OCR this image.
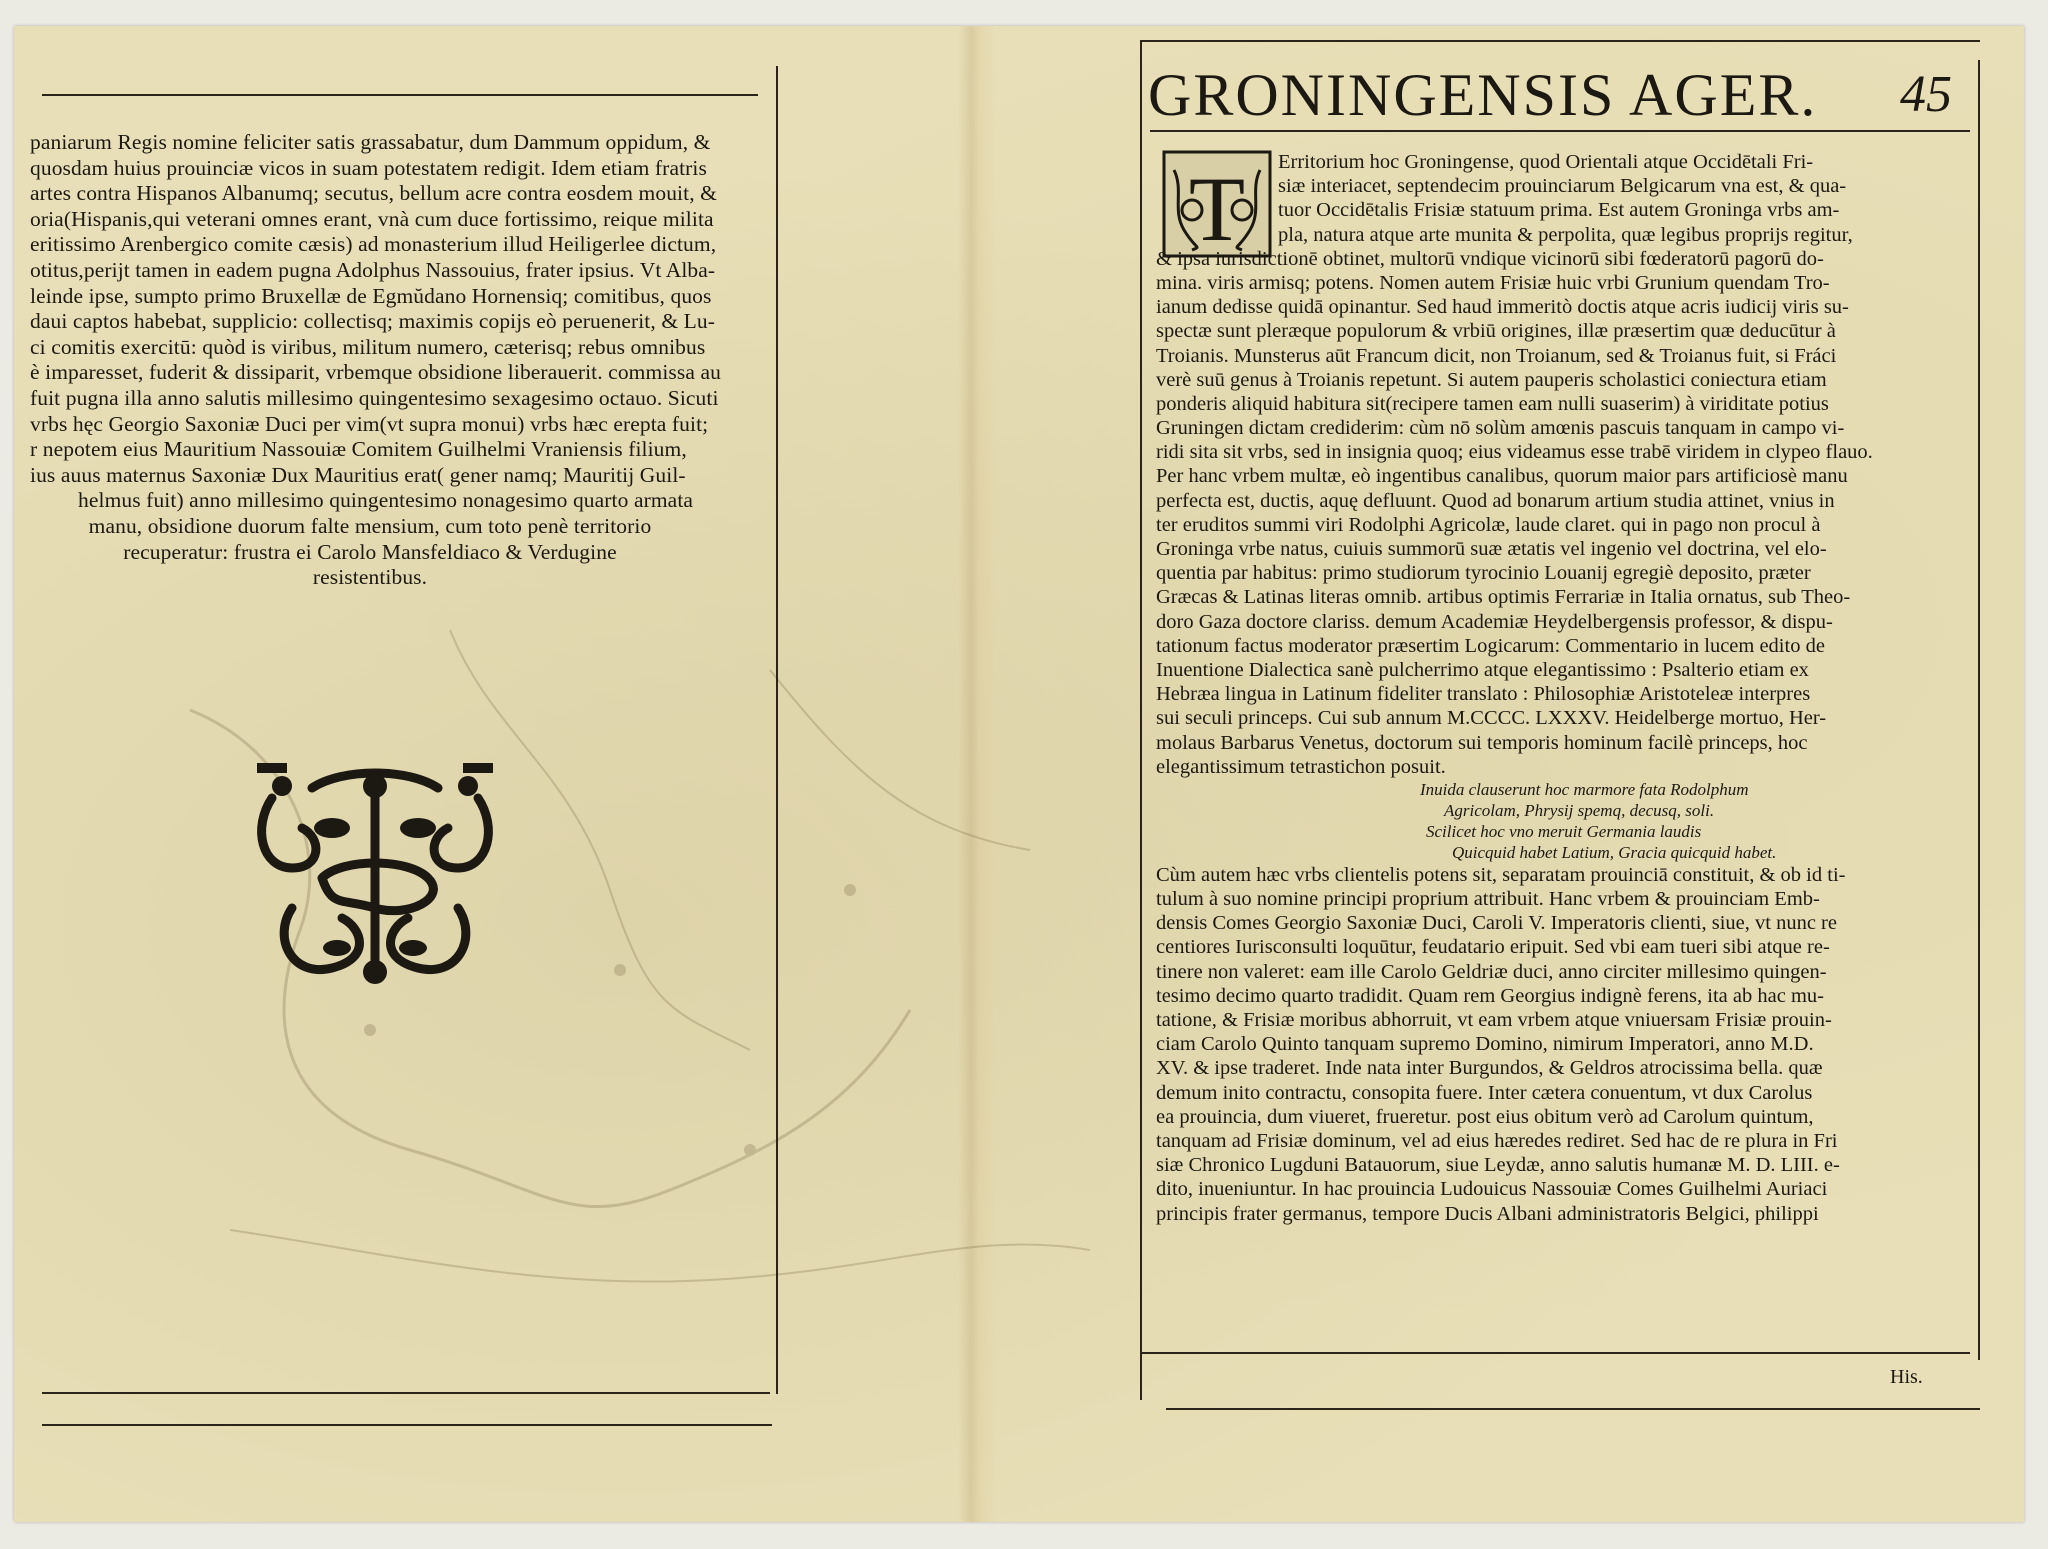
paniarum Regis nomine feliciter satis grassabatur, dum Dammum oppidum, &
quosdam huius prouinciæ vicos in suam potestatem redigit. Idem etiam fratris
artes contra Hispanos Albanumq; secutus, bellum acre contra eosdem mouit, &
oria(Hispanis,qui veterani omnes erant, vnà cum duce fortissimo, reique milita
eritissimo Arenbergico comite cæsis) ad monasterium illud Heiligerlee dictum,
otitus,perijt tamen in eadem pugna Adolphus Nassouius, frater ipsius. Vt Alba-
leinde ipse, sumpto primo Bruxellæ de Egmŭdano Hornensiq; comitibus, quos
daui captos habebat, supplicio: collectisq; maximis copijs eò peruenerit, & Lu-
ci comitis exercitū: quòd is viribus, militum numero, cæterisq; rebus omnibus
è imparesset, fuderit & dissiparit, vrbemque obsidione liberauerit. commissa au
fuit pugna illa anno salutis millesimo quingentesimo sexagesimo octauo. Sicuti
vrbs hęc Georgio Saxoniæ Duci per vim(vt supra monui) vrbs hæc erepta fuit;
r nepotem eius Mauritium Nassouiæ Comitem Guilhelmi Vraniensis filium,
ius auus maternus Saxoniæ Dux Mauritius erat( gener namq; Mauritij Guil-
helmus fuit) anno millesimo quingentesimo nonagesimo quarto armata
manu, obsidione duorum falte mensium, cum toto penè territorio
recuperatur: frustra ei Carolo Mansfeldiaco & Verdugine
resistentibus.
GRONINGENSIS AGER. 45
T	Erritorium hoc Groningense, quod Orientali atque Occidētali Fri-
siæ interiacet, septendecim prouinciarum Belgicarum vna est, & qua-
tuor Occidētalis Frisiæ statuum prima. Est autem Groninga vrbs am-
pla, natura atque arte munita & perpolita, quæ legibus proprijs regitur,
& ipsa iurisdictionē obtinet, multorū vndique vicinorū sibi fœderatorū pagorū do-
mina. viris armisq; potens. Nomen autem Frisiæ huic vrbi Grunium quendam Tro-
ianum dedisse quidā opinantur. Sed haud immeritò doctis atque acris iudicij viris su-
spectæ sunt pleræque populorum & vrbiū origines, illæ præsertim quæ deducūtur à
Troianis. Munsterus aūt Francum dicit, non Troianum, sed & Troianus fuit, si Fráci
verè suū genus à Troianis repetunt. Si autem pauperis scholastici coniectura etiam
ponderis aliquid habitura sit(recipere tamen eam nulli suaserim) à viriditate potius
Gruningen dictam crediderim: cùm nō solùm amœnis pascuis tanquam in campo vi-
ridi sita sit vrbs, sed in insignia quoq; eius videamus esse trabē viridem in clypeo flauo.
Per hanc vrbem multæ, eò ingentibus canalibus, quorum maior pars artificiosè manu
perfecta est, ductis, aquę defluunt. Quod ad bonarum artium studia attinet, vnius in
ter eruditos summi viri Rodolphi Agricolæ, laude claret. qui in pago non procul à
Groninga vrbe natus, cuiuis summorū suæ ætatis vel ingenio vel doctrina, vel elo-
quentia par habitus: primo studiorum tyrocinio Louanij egregiè deposito, præter
Græcas & Latinas literas omnib. artibus optimis Ferrariæ in Italia ornatus, sub Theo-
doro Gaza doctore clariss. demum Academiæ Heydelbergensis professor, & dispu-
tationum factus moderator præsertim Logicarum: Commentario in lucem edito de
Inuentione Dialectica sanè pulcherrimo atque elegantissimo : Psalterio etiam ex
Hebræa lingua in Latinum fideliter translato : Philosophiæ Aristoteleæ interpres
sui seculi princeps. Cui sub annum M.CCCC. LXXXV. Heidelberge mortuo, Her-
molaus Barbarus Venetus, doctorum sui temporis hominum facilè princeps, hoc
elegantissimum tetrastichon posuit.
Inuida clauserunt hoc marmore fata Rodolphum
Agricolam, Phrysij spemq, decusq, soli.
Scilicet hoc vno meruit Germania laudis
Quicquid habet Latium, Gracia quicquid habet.
Cùm autem hæc vrbs clientelis potens sit, separatam prouinciā constituit, & ob id ti-
tulum à suo nomine principi proprium attribuit. Hanc vrbem & prouinciam Emb-
densis Comes Georgio Saxoniæ Duci, Caroli V. Imperatoris clienti, siue, vt nunc re
centiores Iurisconsulti loquūtur, feudatario eripuit. Sed vbi eam tueri sibi atque re-
tinere non valeret: eam ille Carolo Geldriæ duci, anno circiter millesimo quingen-
tesimo decimo quarto tradidit. Quam rem Georgius indignè ferens, ita ab hac mu-
tatione, & Frisiæ moribus abhorruit, vt eam vrbem atque vniuersam Frisiæ prouin-
ciam Carolo Quinto tanquam supremo Domino, nimirum Imperatori, anno M.D.
XV. & ipse traderet. Inde nata inter Burgundos, & Geldros atrocissima bella. quæ
demum inito contractu, consopita fuere. Inter cætera conuentum, vt dux Carolus
ea prouincia, dum viueret, frueretur. post eius obitum verò ad Carolum quintum,
tanquam ad Frisiæ dominum, vel ad eius hæredes rediret. Sed hac de re plura in Fri
siæ Chronico Lugduni Batauorum, siue Leydæ, anno salutis humanæ M. D. LIII. e-
dito, inueniuntur. In hac prouincia Ludouicus Nassouiæ Comes Guilhelmi Auriaci
principis frater germanus, tempore Ducis Albani administratoris Belgici, philippi
His.
